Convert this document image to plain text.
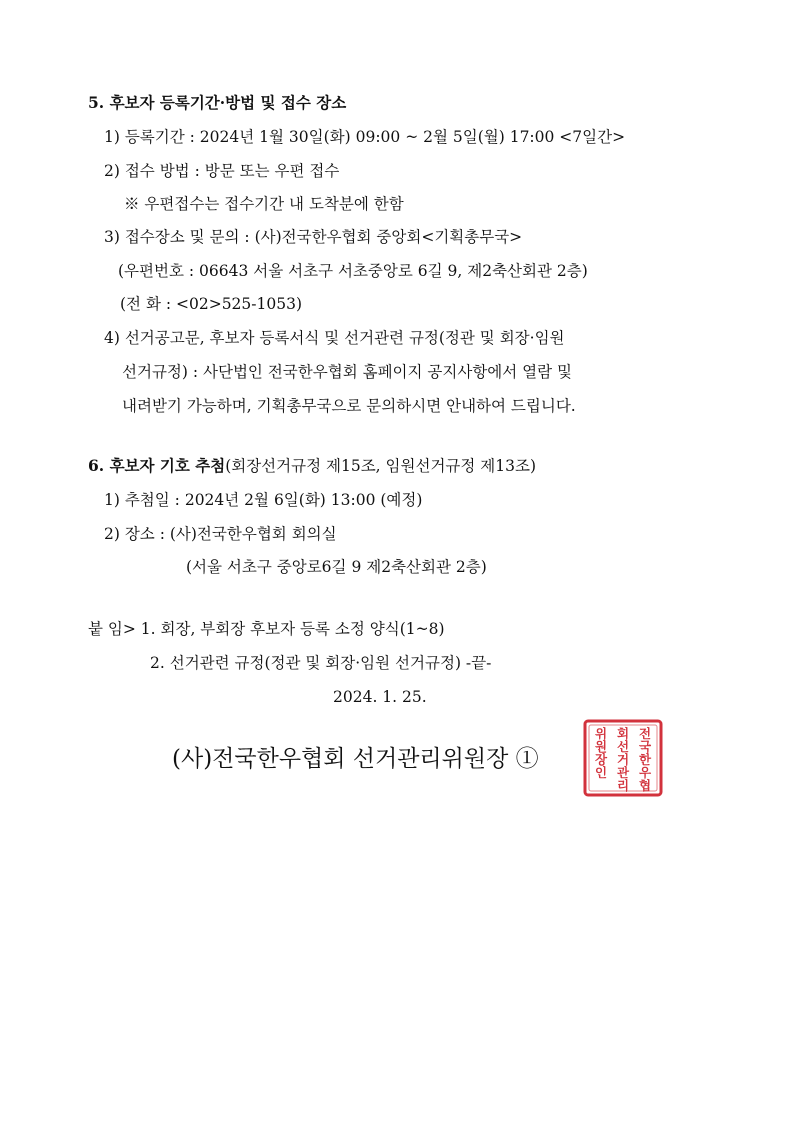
5. 후보자 등록기간·방법 및 접수 장소
1) 등록기간 : 2024년 1월 30일(화) 09:00 ~ 2월 5일(월) 17:00 <7일간>
2) 접수 방법 : 방문 또는 우편 접수
※ 우편접수는 접수기간 내 도착분에 한함
3) 접수장소 및 문의 : (사)전국한우협회 중앙회<기획총무국>
(우편번호 : 06643 서울 서초구 서초중앙로 6길 9, 제2축산회관 2층)
(전 화 : <02>525-1053)
4) 선거공고문, 후보자 등록서식 및 선거관련 규정(정관 및 회장·임원
선거규정) : 사단법인 전국한우협회 홈페이지 공지사항에서 열람 및
내려받기 가능하며, 기획총무국으로 문의하시면 안내하여 드립니다.
6. 후보자 기호 추첨(회장선거규정 제15조, 임원선거규정 제13조)
1) 추첨일 : 2024년 2월 6일(화) 13:00 (예정)
2) 장소 : (사)전국한우협회 회의실
(서울 서초구 중앙로6길 9 제2축산회관 2층)
붙 임> 1. 회장, 부회장 후보자 등록 소정 양식(1~8)
2. 선거관련 규정(정관 및 회장·임원 선거규정) -끝-
2024. 1. 25.
(사)전국한우협회 선거관리위원장 ①
전
국
한
우
협
회
선
거
관
리
위
원
장
인
